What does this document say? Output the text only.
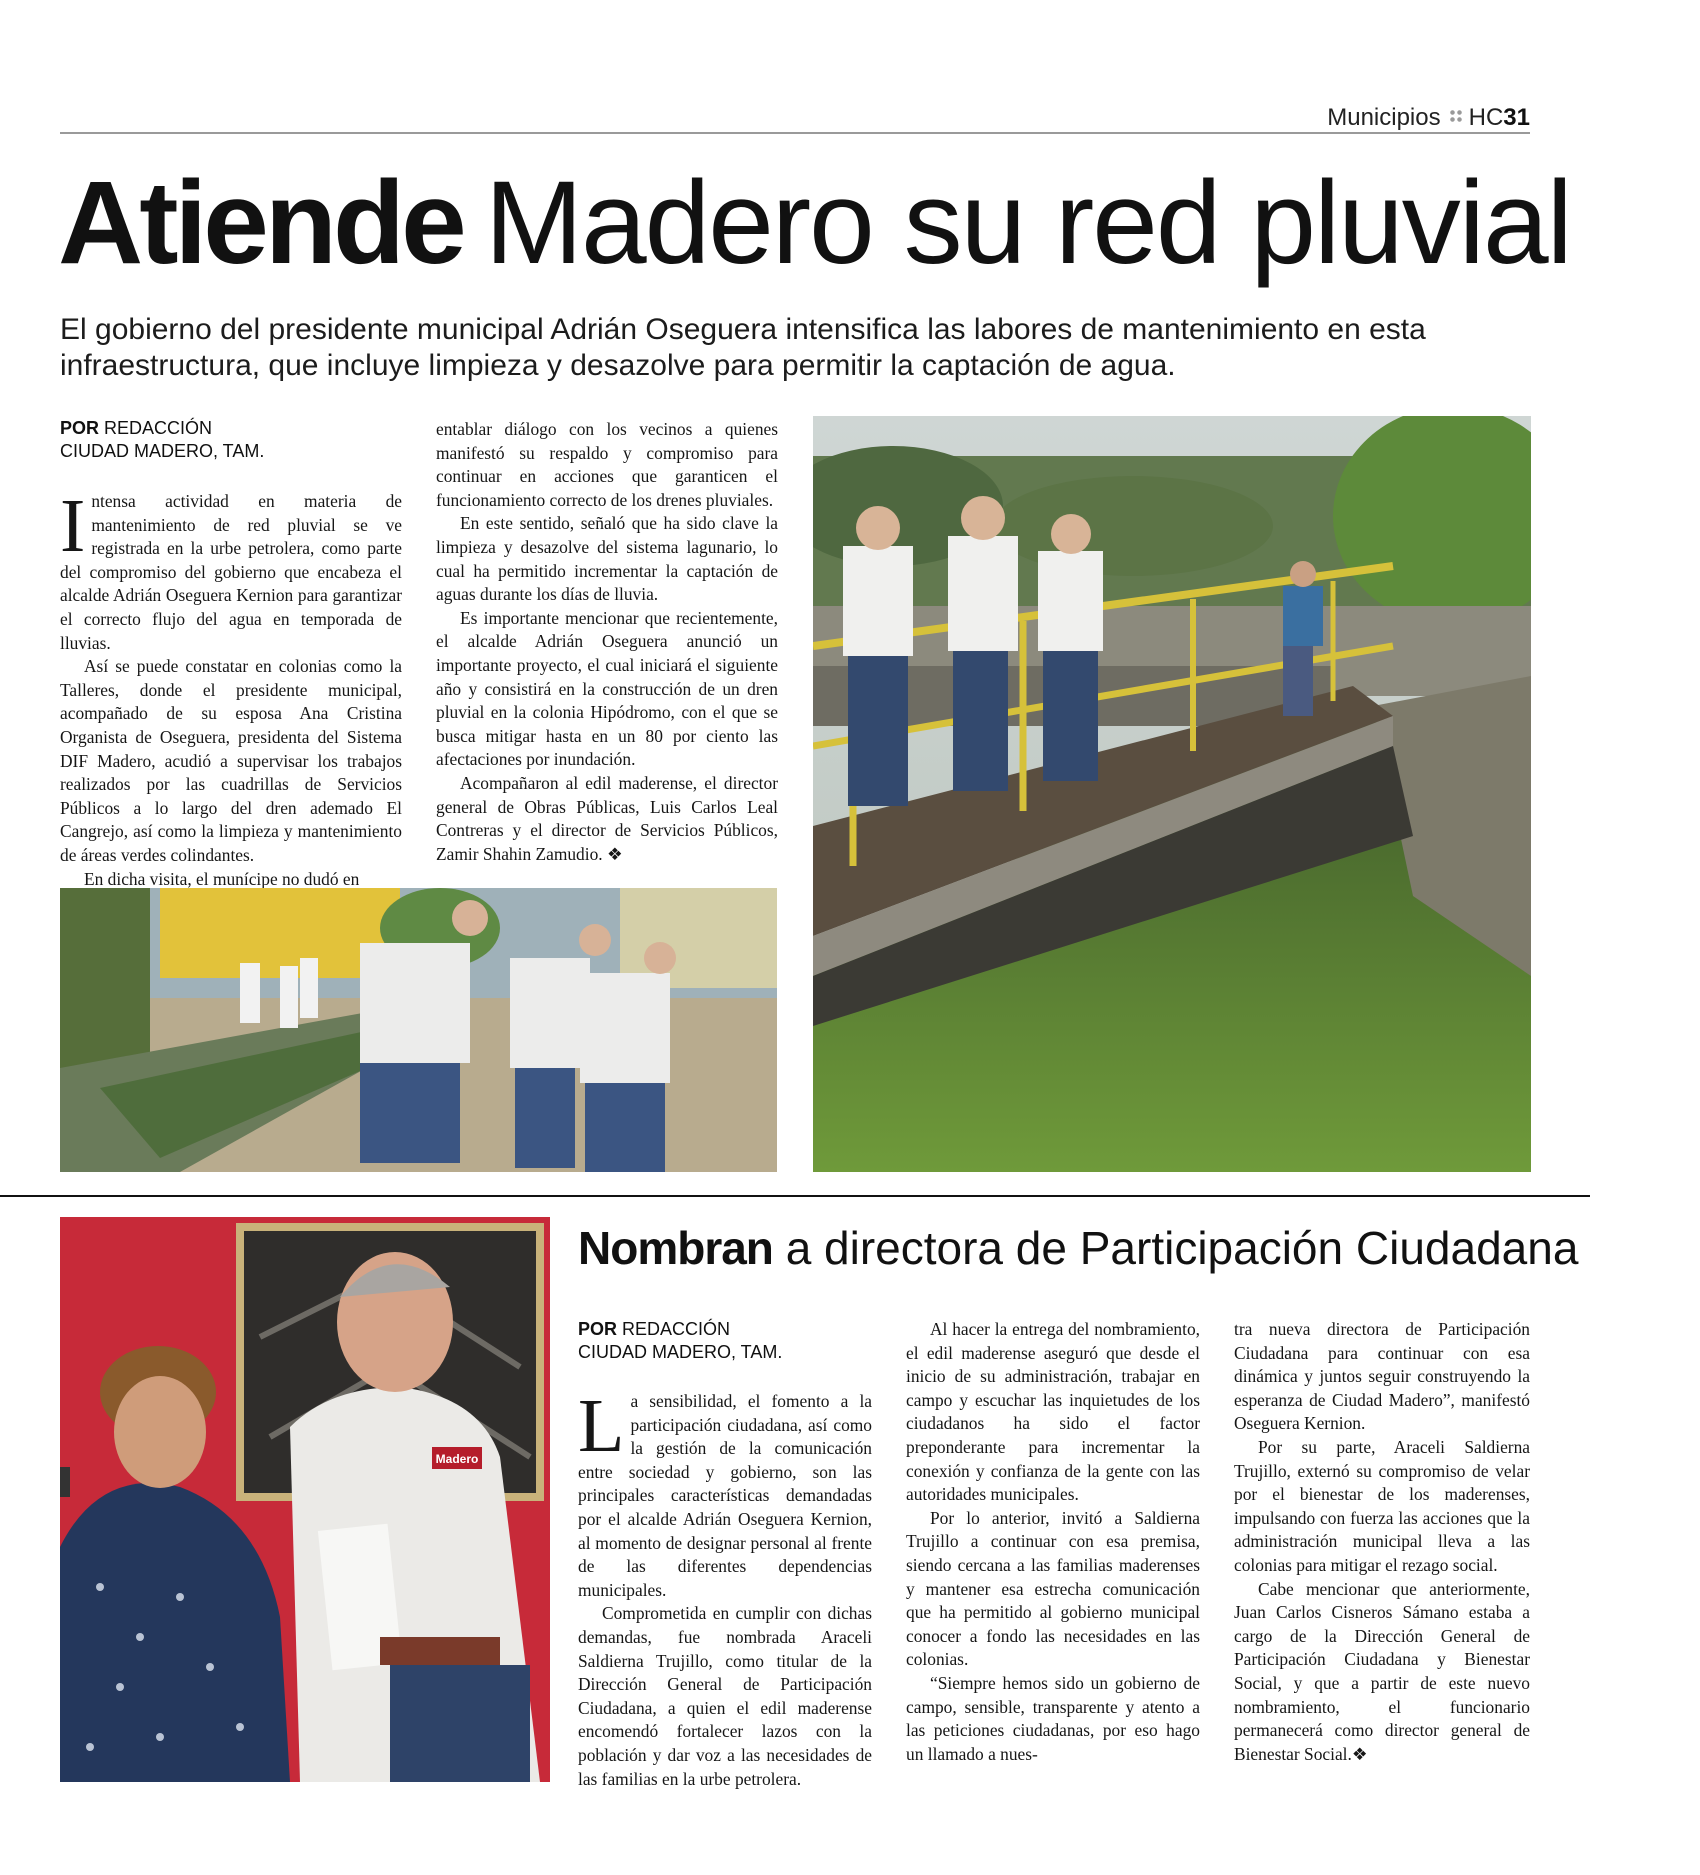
Municipios HC31
Atiende Madero su red pluvial
El gobierno del presidente municipal Adrián Oseguera intensifica las labores de mantenimiento en esta infraestructura, que incluye limpieza y desazolve para permitir la captación de agua.
POR REDACCIÓN
CIUDAD MADERO, TAM.

Intensa actividad en materia de mantenimiento de red pluvial se ve registrada en la urbe petrolera, como parte del compromiso del gobierno que encabeza el alcalde Adrián Oseguera Kernion para garantizar el correcto flujo del agua en temporada de lluvias.

Así se puede constatar en colonias como la Talleres, donde el presidente municipal, acompañado de su esposa Ana Cristina Organista de Oseguera, presidenta del Sistema DIF Madero, acudió a supervisar los trabajos realizados por las cuadrillas de Servicios Públicos a lo largo del dren ademado El Cangrejo, así como la limpieza y mantenimiento de áreas verdes colindantes.

En dicha visita, el munícipe no dudó en

entablar diálogo con los vecinos a quienes manifestó su respaldo y compromiso para continuar en acciones que garanticen el funcionamiento correcto de los drenes pluviales.

En este sentido, señaló que ha sido clave la limpieza y desazolve del sistema lagunario, lo cual ha permitido incrementar la captación de aguas durante los días de lluvia.

Es importante mencionar que recientemente, el alcalde Adrián Oseguera anunció un importante proyecto, el cual iniciará el siguiente año y consistirá en la construcción de un dren pluvial en la colonia Hipódromo, con el que se busca mitigar hasta en un 80 por ciento las afectaciones por inundación.

Acompañaron al edil maderense, el director general de Obras Públicas, Luis Carlos Leal Contreras y el director de Servicios Públicos, Zamir Shahin Zamudio. ❖

Madero
Nombran a directora de Participación Ciudadana
POR REDACCIÓN
CIUDAD MADERO, TAM.

La sensibilidad, el fomento a la participación ciudadana, así como la gestión de la comunicación entre sociedad y gobierno, son las principales características demandadas por el alcalde Adrián Oseguera Kernion, al momento de designar personal al frente de las diferentes dependencias municipales.

Comprometida en cumplir con dichas demandas, fue nombrada Araceli Saldierna Trujillo, como titular de la Dirección General de Participación Ciudadana, a quien el edil maderense encomendó fortalecer lazos con la población y dar voz a las necesidades de las familias en la urbe petrolera.

Al hacer la entrega del nombramiento, el edil maderense aseguró que desde el inicio de su administración, trabajar en campo y escuchar las inquietudes de los ciudadanos ha sido el factor preponderante para incrementar la conexión y confianza de la gente con las autoridades municipales.

Por lo anterior, invitó a Saldierna Trujillo a continuar con esa premisa, siendo cercana a las familias maderenses y mantener esa estrecha comunicación que ha permitido al gobierno municipal conocer a fondo las necesidades en las colonias.

“Siempre hemos sido un gobierno de campo, sensible, transparente y atento a las peticiones ciudadanas, por eso hago un llamado a nues-

tra nueva directora de Participación Ciudadana para continuar con esa dinámica y juntos seguir construyendo la esperanza de Ciudad Madero”, manifestó Oseguera Kernion.

Por su parte, Araceli Saldierna Trujillo, externó su compromiso de velar por el bienestar de los maderenses, impulsando con fuerza las acciones que la administración municipal lleva a las colonias para mitigar el rezago social.

Cabe mencionar que anteriormente, Juan Carlos Cisneros Sámano estaba a cargo de la Dirección General de Participación Ciudadana y Bienestar Social, y que a partir de este nuevo nombramiento, el funcionario permanecerá como director general de Bienestar Social.❖
